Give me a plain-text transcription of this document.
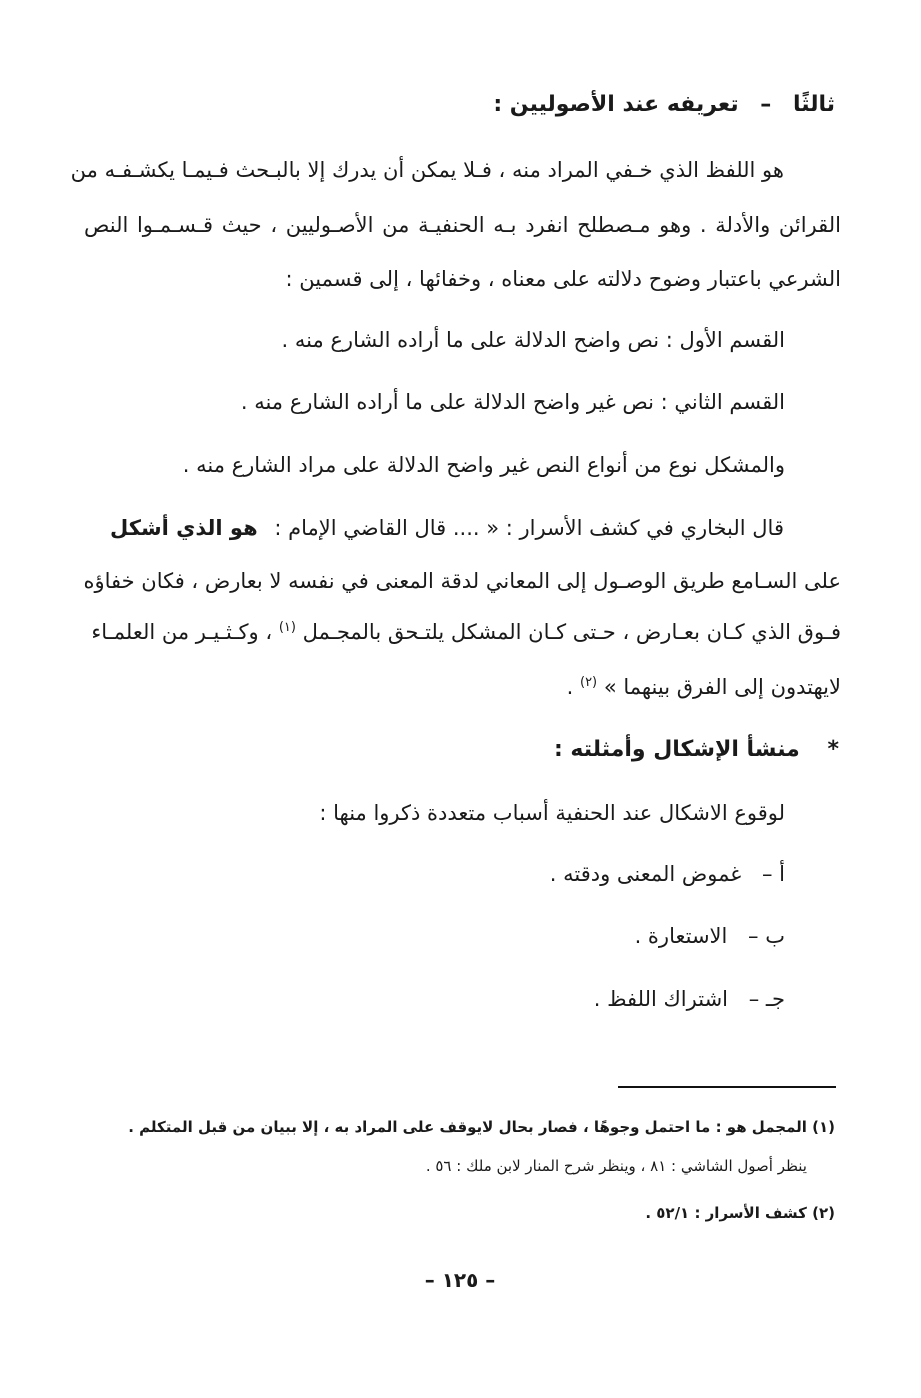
ثالثًا – تعريفه عند الأصوليين :
هو اللفظ الذي خـفي المراد منه ، فـلا يمكن أن يدرك إلا بالبـحث فـيمـا يكشـفـه من
القرائن والأدلة . وهو مـصطلح انفرد بـه الحنفيـة من الأصـوليين ، حيث قـسـمـوا النص
الشرعي باعتبار وضوح دلالته على معناه ، وخفائها ، إلى قسمين :
القسم الأول : نص واضح الدلالة على ما أراده الشارع منه .
القسم الثاني : نص غير واضح الدلالة على ما أراده الشارع منه .
والمشكل نوع من أنواع النص غير واضح الدلالة على مراد الشارع منه .
قال البخاري في كشف الأسرار : « .... قال القاضي الإمام : هو الذي أشكل
على السـامع طريق الوصـول إلى المعاني لدقة المعنى في نفسه لا بعارض ، فكان خفاؤه
فـوق الذي كـان بعـارض ، حـتى كـان المشكل يلتـحق بالمجـمل $^{(١)}$ ، وكـثـيـر من العلمـاء
لايهتدون إلى الفرق بينهما » $^{(٢)}$ .
* منشأ الإشكال وأمثلته :
لوقوع الاشكال عند الحنفية أسباب متعددة ذكروا منها :
أ – غموض المعنى ودقته .
ب – الاستعارة .
جـ – اشتراك اللفظ .
(١) المجمل هو : ما احتمل وجوهًا ، فصار بحال لايوقف على المراد به ، إلا ببيان من قبل المتكلم .
ينظر أصول الشاشي : ٨١ ، وينظر شرح المنار لابن ملك : ٥٦ .
(٢) كشف الأسرار : ٥٢/١ .
– ١٢٥ –
